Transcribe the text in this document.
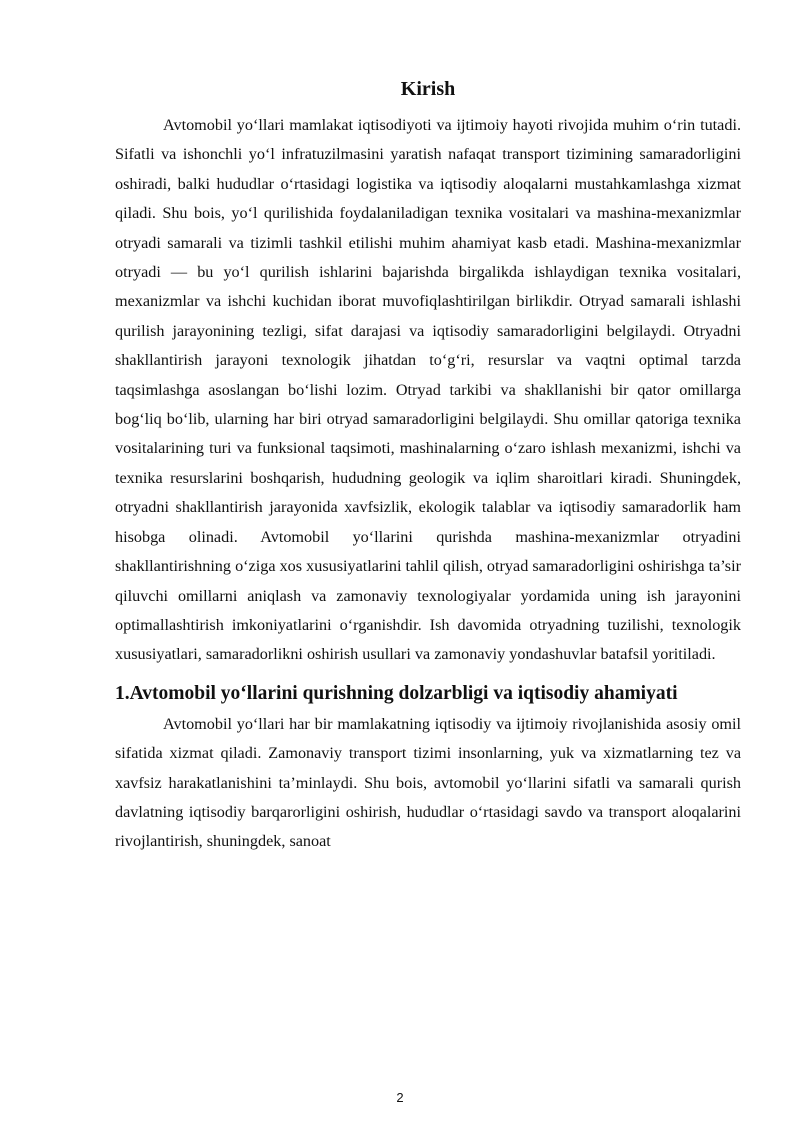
Kirish

Avtomobil yo‘llari mamlakat iqtisodiyoti va ijtimoiy hayoti rivojida muhim o‘rin tutadi. Sifatli va ishonchli yo‘l infratuzilmasini yaratish nafaqat transport tizimining samaradorligini oshiradi, balki hududlar o‘rtasidagi logistika va iqtisodiy aloqalarni mustahkamlashga xizmat qiladi. Shu bois, yo‘l qurilishida foydalaniladigan texnika vositalari va mashina-mexanizmlar otryadi samarali va tizimli tashkil etilishi muhim ahamiyat kasb etadi. Mashina-mexanizmlar otryadi — bu yo‘l qurilish ishlarini bajarishda birgalikda ishlaydigan texnika vositalari, mexanizmlar va ishchi kuchidan iborat muvofiqlashtirilgan birlikdir. Otryad samarali ishlashi qurilish jarayonining tezligi, sifat darajasi va iqtisodiy samaradorligini belgilaydi. Otryadni shakllantirish jarayoni texnologik jihatdan to‘g‘ri, resurslar va vaqtni optimal tarzda taqsimlashga asoslangan bo‘lishi lozim. Otryad tarkibi va shakllanishi bir qator omillarga bog‘liq bo‘lib, ularning har biri otryad samaradorligini belgilaydi. Shu omillar qatoriga texnika vositalarining turi va funksional taqsimoti, mashinalarning o‘zaro ishlash mexanizmi, ishchi va texnika resurslarini boshqarish, hududning geologik va iqlim sharoitlari kiradi. Shuningdek, otryadni shakllantirish jarayonida xavfsizlik, ekologik talablar va iqtisodiy samaradorlik ham hisobga olinadi. Avtomobil yo‘llarini qurishda mashina-mexanizmlar otryadini shakllantirishning o‘ziga xos xususiyatlarini tahlil qilish, otryad samaradorligini oshirishga ta’sir qiluvchi omillarni aniqlash va zamonaviy texnologiyalar yordamida uning ish jarayonini optimallashtirish imkoniyatlarini o‘rganishdir. Ish davomida otryadning tuzilishi, texnologik xususiyatlari, samaradorlikni oshirish usullari va zamonaviy yondashuvlar batafsil yoritiladi.

1.Avtomobil yo‘llarini qurishning dolzarbligi va iqtisodiy ahamiyati

Avtomobil yo‘llari har bir mamlakatning iqtisodiy va ijtimoiy rivojlanishida asosiy omil sifatida xizmat qiladi. Zamonaviy transport tizimi insonlarning, yuk va xizmatlarning tez va xavfsiz harakatlanishini ta’minlaydi. Shu bois, avtomobil yo‘llarini sifatli va samarali qurish davlatning iqtisodiy barqarorligini oshirish, hududlar o‘rtasidagi savdo va transport aloqalarini rivojlantirish, shuningdek, sanoat

2
